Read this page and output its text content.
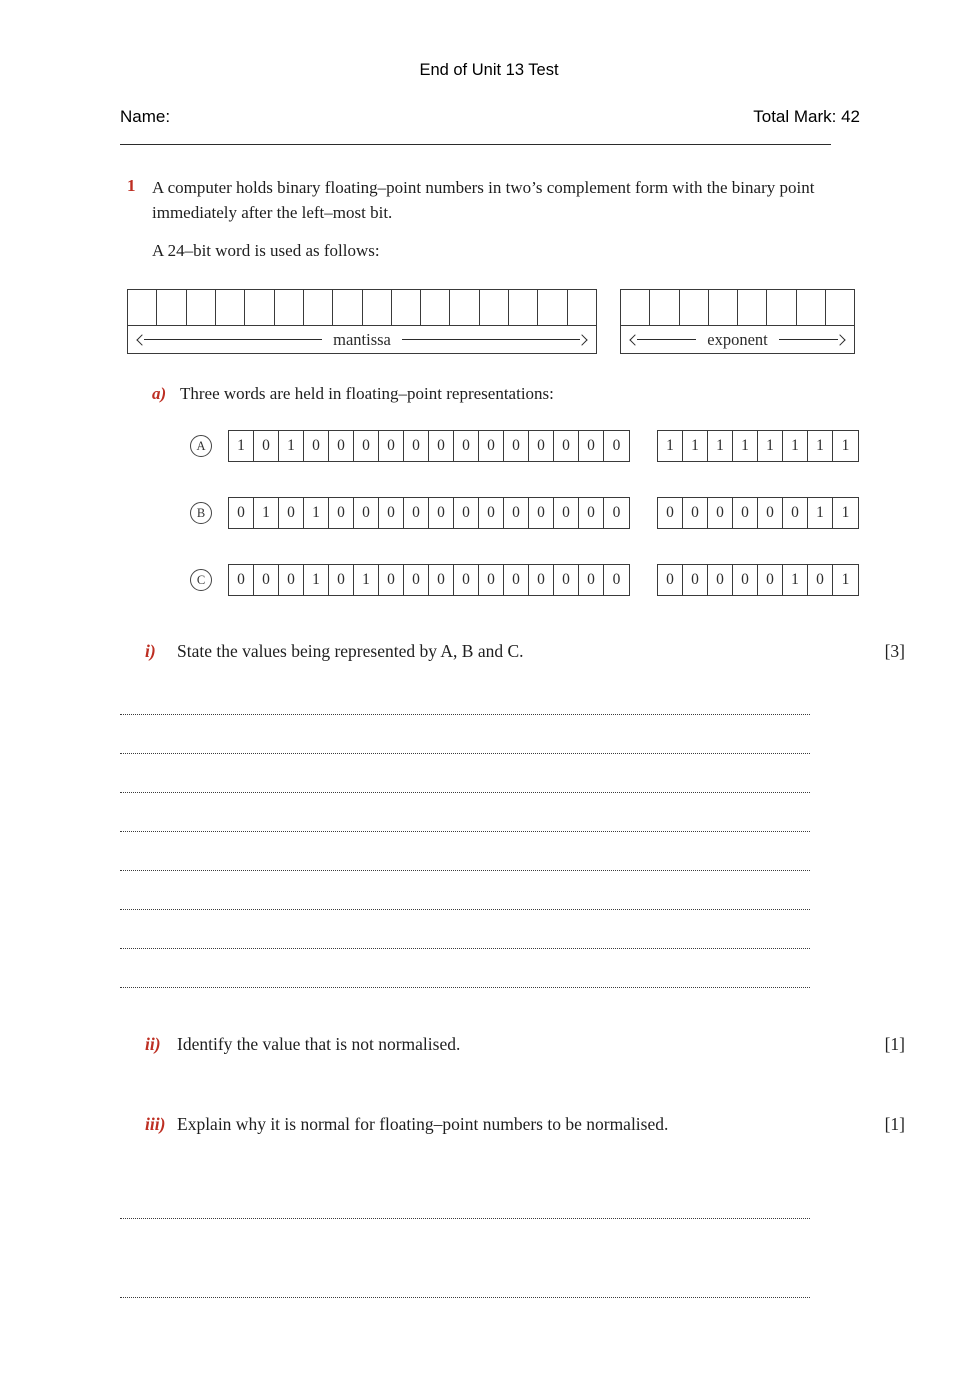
End of Unit 13 Test
Name:	Total Mark: 42
1 A computer holds binary floating–point numbers in two’s complement form with the binary point immediately after the left–most bit.

A 24–bit word is used as follows:

mantissa	exponent
a) Three words are held in floating–point representations:
A	1	0	1	0	0	0	0	0	0	0	0	0	0	0	0	0	1	1	1	1	1	1	1	1
B	0	1	0	1	0	0	0	0	0	0	0	0	0	0	0	0	0	0	0	0	0	0	1	1
C	0	0	0	1	0	1	0	0	0	0	0	0	0	0	0	0	0	0	0	0	0	1	0	1
i)	State the values being represented by A, B and C.	[3]
ii) Identify the value that is not normalised.	[1]
iii) Explain why it is normal for floating–point numbers to be normalised.	[1]
